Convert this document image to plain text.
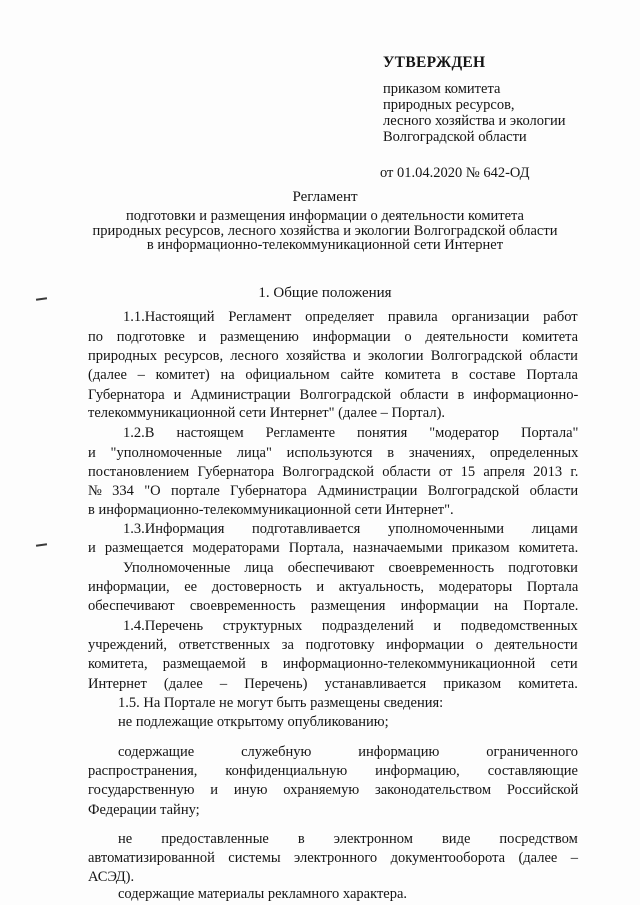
УТВЕРЖДЕН

приказом комитета

природных ресурсов,

лесного хозяйства и экологии

Волгоградской области

от 01.04.2020 № 642-ОД

Регламент

подготовки и размещения информации о деятельности комитета

природных ресурсов, лесного хозяйства и экологии Волгоградской области

в информационно-телекоммуникационной сети Интернет

1. Общие положения
1.1.Настоящий Регламент определяет правила организации работ
по подготовке и размещению информации о деятельности комитета
природных ресурсов, лесного хозяйства и экологии Волгоградской области
(далее – комитет) на официальном сайте комитета в составе Портала
Губернатора и Администрации Волгоградской области в информационно-
телекоммуникационной сети Интернет" (далее – Портал).
1.2.В настоящем Регламенте понятия "модератор Портала"
и "уполномоченные лица" используются в значениях, определенных
постановлением Губернатора Волгоградской области от 15 апреля 2013 г.
№ 334 "О портале Губернатора Администрации Волгоградской области
в информационно-телекоммуникационной сети Интернет".
1.3.Информация подготавливается уполномоченными лицами
и размещается модераторами Портала, назначаемыми приказом комитета.
Уполномоченные лица обеспечивают своевременность подготовки
информации, ее достоверность и актуальность, модераторы Портала
обеспечивают своевременность размещения информации на Портале.
1.4.Перечень структурных подразделений и подведомственных
учреждений, ответственных за подготовку информации о деятельности
комитета, размещаемой в информационно-телекоммуникационной сети
Интернет (далее – Перечень) устанавливается приказом комитета.
1.5. На Портале не могут быть размещены сведения:
не подлежащие открытому опубликованию;
содержащие служебную информацию ограниченного
распространения, конфиденциальную информацию, составляющие
государственную и иную охраняемую законодательством Российской
Федерации тайну;
не предоставленные в электронном виде посредством
автоматизированной системы электронного документооборота (далее –
АСЭД).
содержащие материалы рекламного характера.
